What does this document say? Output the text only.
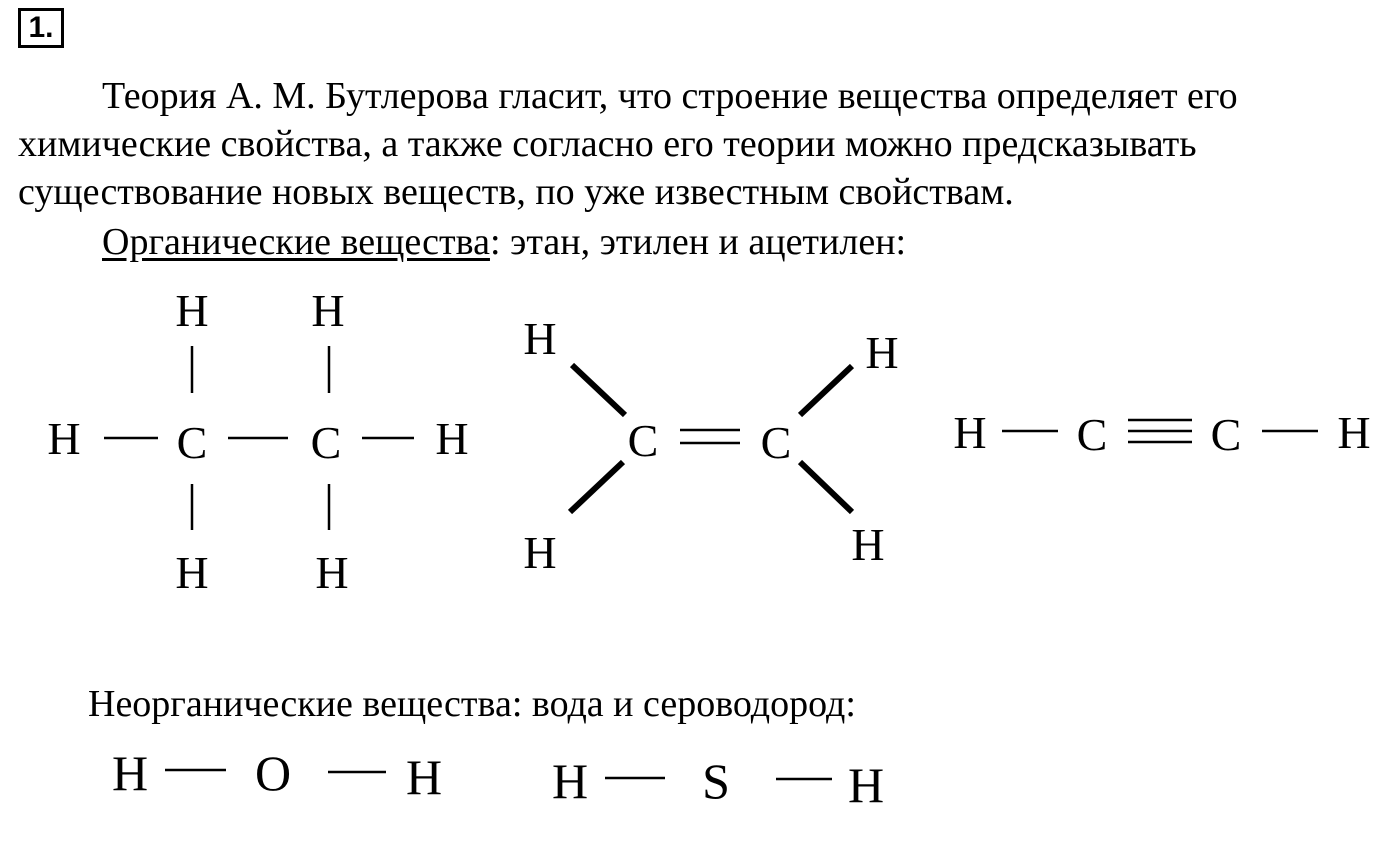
1.

Теория А. М. Бутлерова гласит, что строение вещества определяет его химические свойства, а также согласно его теории можно предсказывать существование новых веществ, по уже известным свойствам.

Органические вещества: этан, этилен и ацетилен:
Неорганические вещества: вода и сероводород:
H H
H C C H
H H
H	H
C C
H	H
H C C H
H O H H S H
